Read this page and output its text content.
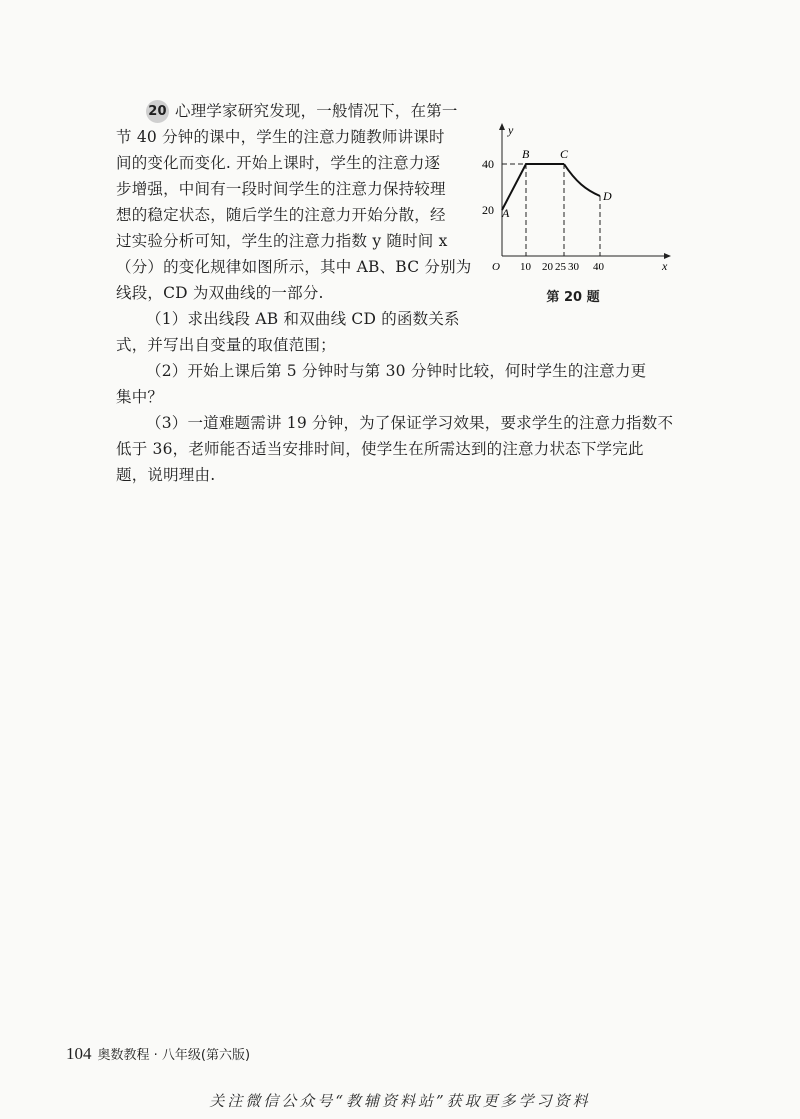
20 心理学家研究发现，一般情况下，在第一
节 40 分钟的课中，学生的注意力随教师讲课时
间的变化而变化. 开始上课时，学生的注意力逐
步增强，中间有一段时间学生的注意力保持较理
想的稳定状态，随后学生的注意力开始分散，经
过实验分析可知，学生的注意力指数 y 随时间 x
（分）的变化规律如图所示，其中 AB、BC 分别为
线段，CD 为双曲线的一部分.
（1）求出线段 AB 和双曲线 CD 的函数关系
式，并写出自变量的取值范围；
（2）开始上课后第 5 分钟时与第 30 分钟时比较，何时学生的注意力更
集中？
（3）一道难题需讲 19 分钟，为了保证学习效果，要求学生的注意力指数不
低于 36，老师能否适当安排时间，使学生在所需达到的注意力状态下学完此
题，说明理由.
y
x
40
20
10 20 25 30 40
O
A
B	C
D
第 20 题
104 奥数教程 · 八年级(第六版)
关注微信公众号“教辅资料站”获取更多学习资料
